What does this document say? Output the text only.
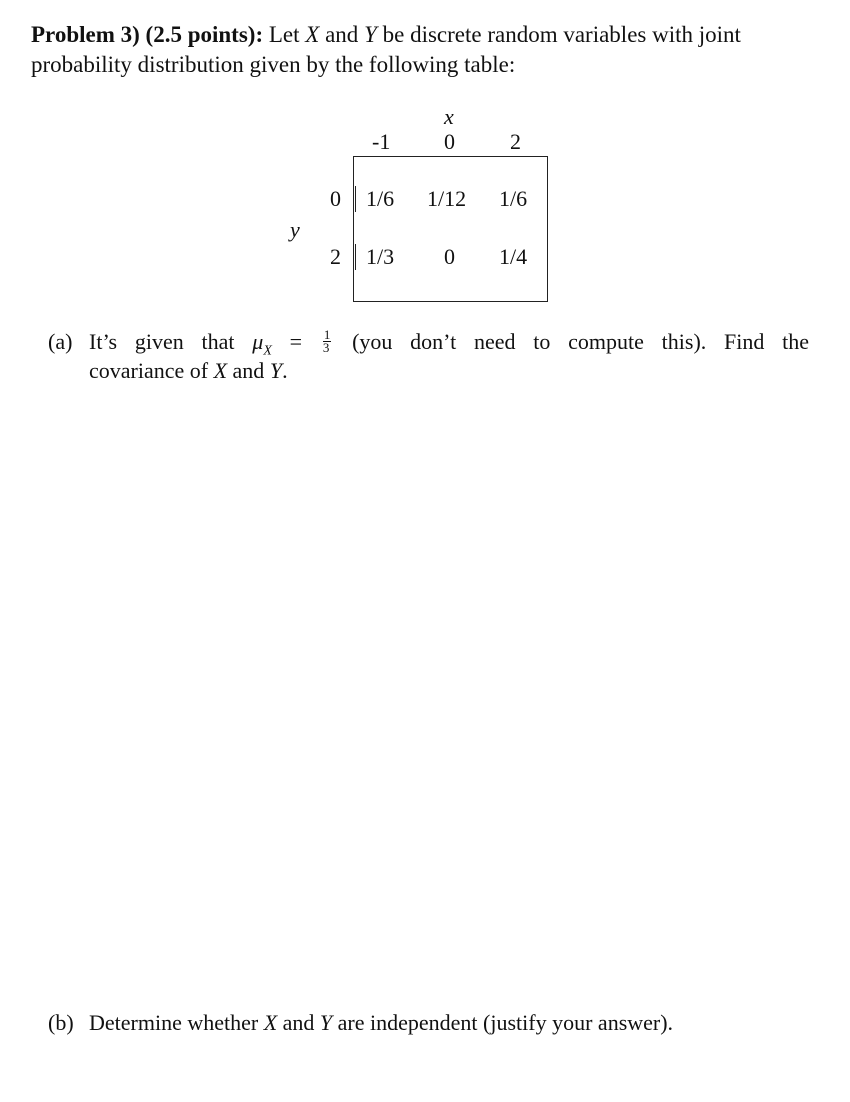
Problem 3) (2.5 points): Let X and Y be discrete random variables with joint probability distribution given by the following table:
x
-1 0	2
y
0 1/6 1/12 1/6
2 1/3 0 1/4
(a) It’s given that $\mu_X = \frac{1}{3} (you$ don’t need to compute this). Find the
covariance of X and Y.
(b) Determine whether X and Y are independent (justify your answer).
